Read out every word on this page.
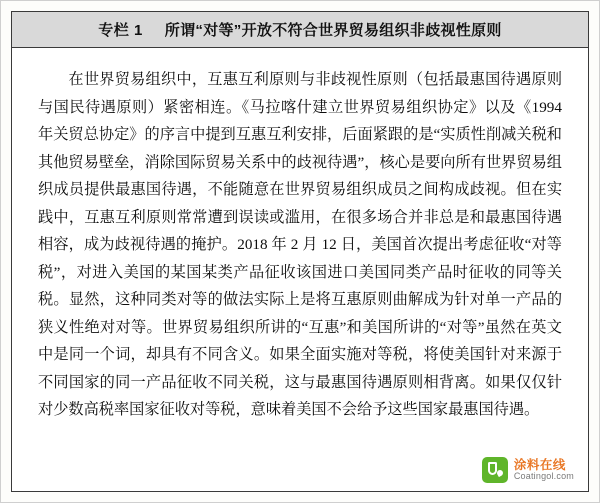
专栏 1 所谓“对等”开放不符合世界贸易组织非歧视性原则

在世界贸易组织中，互惠互利原则与非歧视性原则（包括最惠国待遇原则与国民待遇原则）紧密相连。《马拉喀什建立世界贸易组织协定》以及《1994 年关贸总协定》的序言中提到互惠互利安排，后面紧跟的是“实质性削减关税和其他贸易壁垒，消除国际贸易关系中的歧视待遇”，核心是要向所有世界贸易组织成员提供最惠国待遇，不能随意在世界贸易组织成员之间构成歧视。但在实践中，互惠互利原则常常遭到误读或滥用，在很多场合并非总是和最惠国待遇相容，成为歧视待遇的掩护。2018 年 2 月 12 日，美国首次提出考虑征收“对等税”，对进入美国的某国某类产品征收该国进口美国同类产品时征收的同等关税。显然，这种同类对等的做法实际上是将互惠原则曲解成为针对单一产品的狭义性绝对对等。世界贸易组织所讲的“互惠”和美国所讲的“对等”虽然在英文中是同一个词，却具有不同含义。如果全面实施对等税，将使美国针对来源于不同国家的同一产品征收不同关税，这与最惠国待遇原则相背离。如果仅仅针对少数高税率国家征收对等税，意味着美国不会给予这些国家最惠国待遇。

涂料在线
Coatingol.com
